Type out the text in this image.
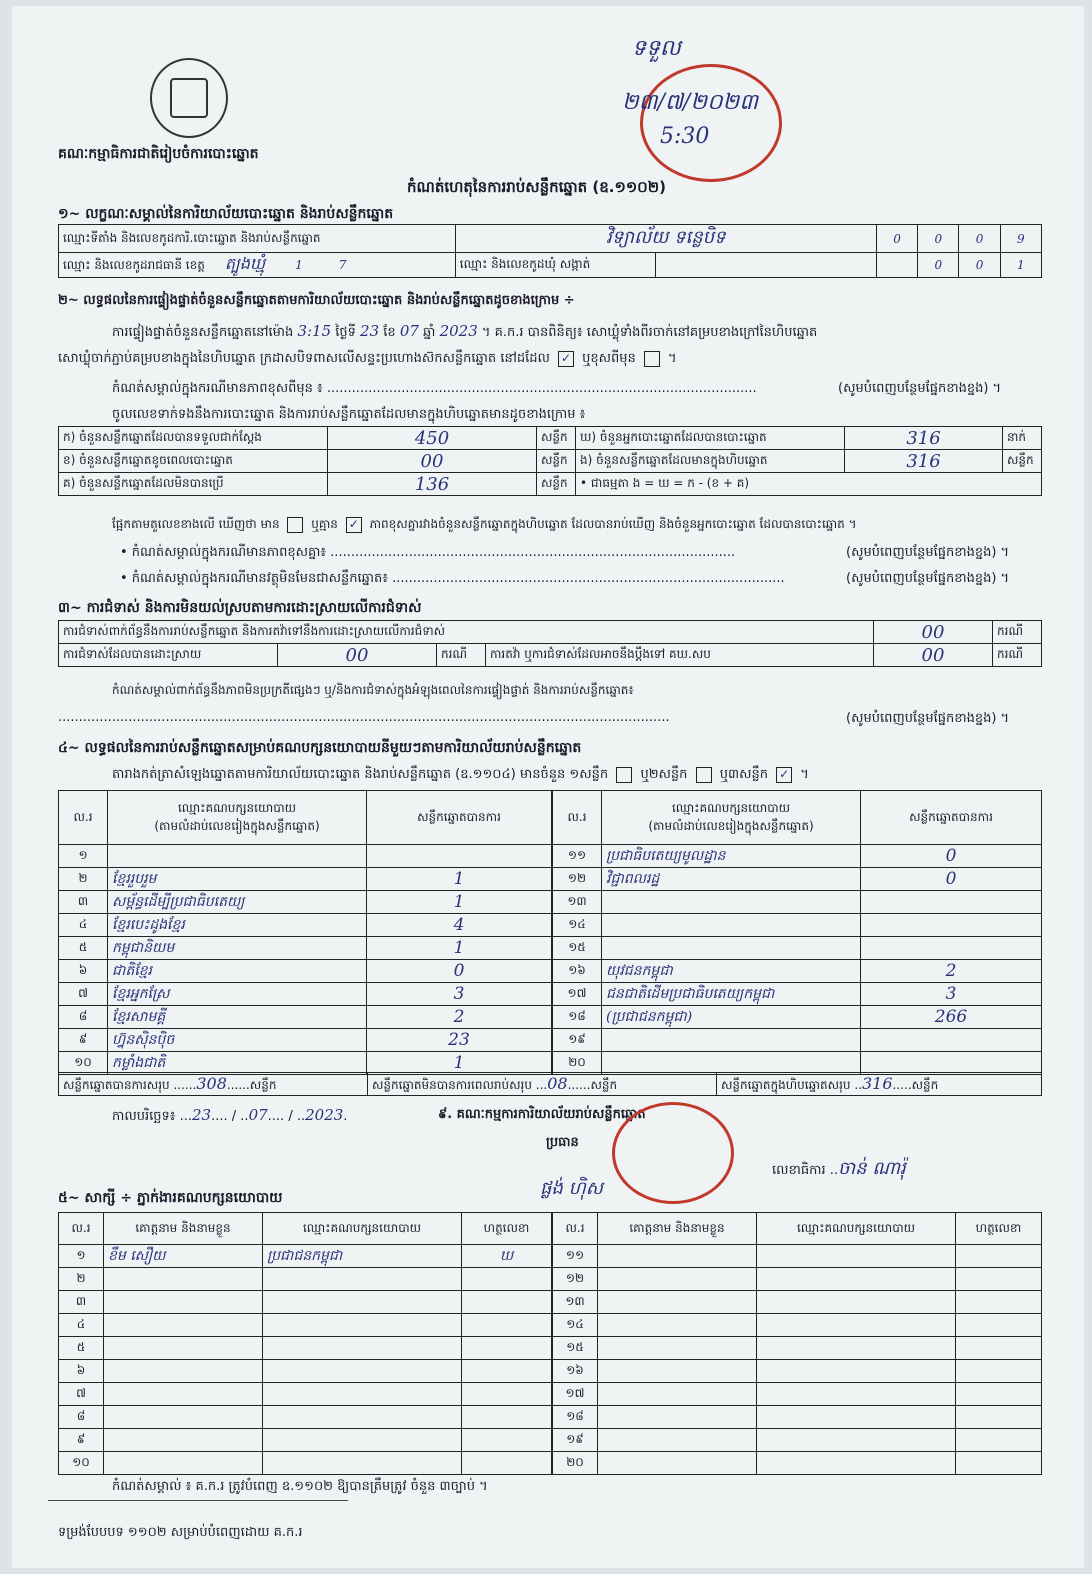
គណៈកម្មាធិការជាតិរៀបចំការបោះឆ្នោត
កំណត់ហេតុនៃការរាប់សន្លឹកឆ្នោត (ឧ.១១០២)
ទទួល
២៣/៧/២០២៣
5:30
១~ លក្ខណៈសម្គាល់នៃការិយាល័យបោះឆ្នោត និងរាប់សន្លឹកឆ្នោត
ឈ្មោះទីតាំង និងលេខកូដការិ.បោះឆ្នោត និងរាប់សន្លឹកឆ្នោត	វិទ្យាល័យ ទន្លេបិទ		0	0	0	9
ឈ្មោះ និងលេខកូដរាជធានី ខេត្ត ត្បូងឃ្មុំ 1 7	ឈ្មោះ និងលេខកូដឃុំ សង្កាត់			0	0	1
២~ លទ្ធផលនៃការផ្ទៀងផ្ទាត់ចំនួនសន្លឹកឆ្នោតតាមការិយាល័យបោះឆ្នោត និងរាប់សន្លឹកឆ្នោតដូចខាងក្រោម ÷
ការផ្ទៀងផ្ទាត់ចំនួនសន្លឹកឆ្នោតនៅម៉ោង 3:15 ថ្ងៃទី 23 ខែ 07 ឆ្នាំ 2023 ។ គ.ក.រ បានពិនិត្យ៖ សោឃ្លុំទាំងពីរចាក់នៅគម្របខាងក្រៅនៃហិបឆ្នោត
សោឃ្លុំចាក់ភ្ជាប់គម្របខាងក្នុងនៃហិបឆ្នោត ក្រដាសបិទពាសលើសន្ទះប្រហោងស៊កសន្លឹកឆ្នោត នៅដដែល ✓ ឬខុសពីមុន  ។
កំណត់សម្គាល់ក្នុងករណីមានភាពខុសពីមុន ៖ ........................................................................................................	(សូមបំពេញបន្ថែមផ្នែកខាងខ្នង) ។
ចូលលេខទាក់ទងនឹងការបោះឆ្នោត និងការរាប់សន្លឹកឆ្នោតដែលមានក្នុងហិបឆ្នោតមានដូចខាងក្រោម ៖
ក) ចំនួនសន្លឹកឆ្នោតដែលបានទទួលជាក់ស្ដែង	450	សន្លឹក	ឃ) ចំនួនអ្នកបោះឆ្នោតដែលបានបោះឆ្នោត	316	នាក់
ខ) ចំនួនសន្លឹកឆ្នោតខូចពេលបោះឆ្នោត	00	សន្លឹក	ង) ចំនួនសន្លឹកឆ្នោតដែលមានក្នុងហិបឆ្នោត	316	សន្លឹក
គ) ចំនួនសន្លឹកឆ្នោតដែលមិនបានប្រើ	136	សន្លឹក	• ជាធម្មតា ង = ឃ = ក - (ខ + គ)		
ផ្អែកតាមតួលេខខាងលើ ឃើញថា មាន	ឬគ្មាន ✓ ភាពខុសគ្នារវាងចំនួនសន្លឹកឆ្នោតក្នុងហិបឆ្នោត ដែលបានរាប់ឃើញ និងចំនួនអ្នកបោះឆ្នោត ដែលបានបោះឆ្នោត ។
• កំណត់សម្គាល់ក្នុងករណីមានភាពខុសគ្នា៖ ..................................................................................................	(សូមបំពេញបន្ថែមផ្នែកខាងខ្នង) ។
• កំណត់សម្គាល់ក្នុងករណីមានវត្ថុមិនមែនជាសន្លឹកឆ្នោត៖ ...............................................................................................	(សូមបំពេញបន្ថែមផ្នែកខាងខ្នង) ។
៣~ ការជំទាស់ និងការមិនយល់ស្របតាមការដោះស្រាយលើការជំទាស់
ការជំទាស់ពាក់ព័ន្ធនឹងការរាប់សន្លឹកឆ្នោត និងការតវ៉ាទៅនឹងការដោះស្រាយលើការជំទាស់				00	ករណី
ការជំទាស់ដែលបានដោះស្រាយ	00	ករណី	ការតវ៉ា ឬការជំទាស់ដែលអាចនឹងប្ដឹងទៅ គឃ.សប	00	ករណី
កំណត់សម្គាល់ពាក់ព័ន្ធនឹងភាពមិនប្រក្រតីផ្សេងៗ ឬ/និងការជំទាស់ក្នុងអំឡុងពេលនៃការផ្ទៀងផ្ទាត់ និងការរាប់សន្លឹកឆ្នោត៖
....................................................................................................................................................	(សូមបំពេញបន្ថែមផ្នែកខាងខ្នង) ។
៤~ លទ្ធផលនៃការរាប់សន្លឹកឆ្នោតសម្រាប់គណបក្សនយោបាយនីមួយៗតាមការិយាល័យរាប់សន្លឹកឆ្នោត
តារាងកត់ត្រាសំឡេងឆ្នោតតាមការិយាល័យបោះឆ្នោត និងរាប់សន្លឹកឆ្នោត (ឧ.១១០៤) មានចំនួន ១សន្លឹក ឬ២សន្លឹក ឬ៣សន្លឹក ✓ ។
ល.រ	ឈ្មោះគណបក្សនយោបាយ
(តាមលំដាប់លេខរៀងក្នុងសន្លឹកឆ្នោត)	សន្លឹកឆ្នោតបានការ
១		
២	ខ្មែររួបរួម	1
៣	សម្ព័ន្ធដើម្បីប្រជាធិបតេយ្យ	1
៤	ខ្មែរបេះដូងខ្មែរ	4
៥	កម្ពុជានិយម	1
៦	ជាតិខ្មែរ	0
៧	ខ្មែរអ្នកស្រែ	3
៨	ខ្មែរសាមគ្គី	2
៩	ហ្វ៊ុនស៊ិនប៉ិច	23
១០	កម្លាំងជាតិ	1
ល.រ	ឈ្មោះគណបក្សនយោបាយ
(តាមលំដាប់លេខរៀងក្នុងសន្លឹកឆ្នោត)	សន្លឹកឆ្នោតបានការ
១១	ប្រជាធិបតេយ្យមូលដ្ឋាន	0
១២	វិជ្ជាពលរដ្ឋ	0
១៣		
១៤		
១៥		
១៦	យុវជនកម្ពុជា	2
១៧	ជនជាតិដើមប្រជាធិបតេយ្យកម្ពុជា	3
១៨	(ប្រជាជនកម្ពុជា)	266
១៩		
២០		
សន្លឹកឆ្នោតបានការសរុប ......308......សន្លឹក	សន្លឹកឆ្នោតមិនបានការពេលរាប់សរុប ...08......សន្លឹក	សន្លឹកឆ្នោតក្នុងហិបឆ្នោតសរុប ..316.....សន្លឹក
កាលបរិច្ឆេទ៖ ...23.... / ..07.... / ..2023.	៩. គណៈកម្មការការិយាល័យរាប់សន្លឹកឆ្នោត
ប្រធាន
ផ្លង់ ហ៊ិស
លេខាធិការ ..ចាន់ ណារ៉ុ
៥~ សាក្សី ÷ ភ្នាក់ងារគណបក្សនយោបាយ
ល.រ	គោត្តនាម និងនាមខ្លួន	ឈ្មោះគណបក្សនយោបាយ	ហត្ថលេខា
១	ខឹម សឿយ	ប្រជាជនកម្ពុជា	ឃ
២			
៣			
៤			
៥			
៦			
៧			
៨			
៩			
១០			
ល.រ	គោត្តនាម និងនាមខ្លួន	ឈ្មោះគណបក្សនយោបាយ	ហត្ថលេខា
១១			
១២			
១៣			
១៤			
១៥			
១៦			
១៧			
១៨			
១៩			
២០			
កំណត់សម្គាល់ ៖ គ.ក.រ ត្រូវបំពេញ ឧ.១១០២ ឱ្យបានត្រឹមត្រូវ ចំនួន ៣ច្បាប់ ។
ទម្រង់បែបបទ ១១០២ សម្រាប់បំពេញដោយ គ.ក.រ
